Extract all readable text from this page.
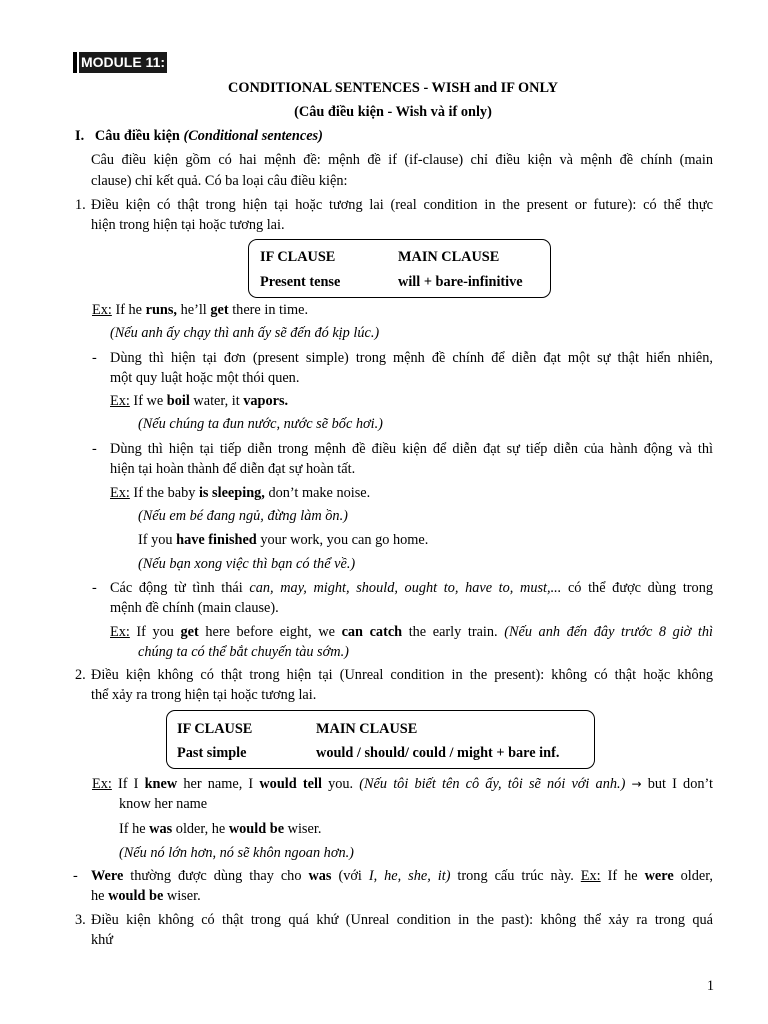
MODULE 11:
CONDITIONAL SENTENCES - WISH and IF ONLY
(Câu điều kiện - Wish và if only)
I. Câu điều kiện (Conditional sentences)
Câu điều kiện gồm có hai mệnh đề: mệnh đề if (if-clause) chỉ điều kiện và mệnh đề chính (main
clause) chỉ kết quả. Có ba loại câu điều kiện:
1. Điều kiện có thật trong hiện tại hoặc tương lai (real condition in the present or future): có thể thực
hiện trong hiện tại hoặc tương lai.
IF CLAUSE	MAIN CLAUSE
Present tense	will + bare-infinitive
Ex: If he runs, he’ll get there in time.
(Nếu anh ấy chạy thì anh ấy sẽ đến đó kịp lúc.)
- Dùng thì hiện tại đơn (present simple) trong mệnh đề chính để diễn đạt một sự thật hiển nhiên,
một quy luật hoặc một thói quen.
Ex: If we boil water, it vapors.
(Nếu chúng ta đun nước, nước sẽ bốc hơi.)
- Dùng thì hiện tại tiếp diễn trong mệnh đề điều kiện để diễn đạt sự tiếp diễn của hành động và thì
hiện tại hoàn thành để diễn đạt sự hoàn tất.
Ex: If the baby is sleeping, don’t make noise.
(Nếu em bé đang ngủ, đừng làm ồn.)
If you have finished your work, you can go home.
(Nếu bạn xong việc thì bạn có thể về.)
- Các động từ tình thái can, may, might, should, ought to, have to, must,... có thể được dùng trong
mệnh đề chính (main clause).
Ex: If you get here before eight, we can catch the early train. (Nếu anh đến đây trước 8 giờ thì
chúng ta có thể bắt chuyến tàu sớm.)
2. Điều kiện không có thật trong hiện tại (Unreal condition in the present): không có thật hoặc không
thể xảy ra trong hiện tại hoặc tương lai.
IF CLAUSE	MAIN CLAUSE
Past simple	would / should/ could / might + bare inf.
Ex: If I knew her name, I would tell you. (Nếu tôi biết tên cô ấy, tôi sẽ nói với anh.) → but I don’t
know her name
If he was older, he would be wiser.
(Nếu nó lớn hơn, nó sẽ khôn ngoan hơn.)
- Were thường được dùng thay cho was (với I, he, she, it) trong cấu trúc này. Ex: If he were older,
he would be wiser.
3. Điều kiện không có thật trong quá khứ (Unreal condition in the past): không thể xảy ra trong quá
khứ
1
